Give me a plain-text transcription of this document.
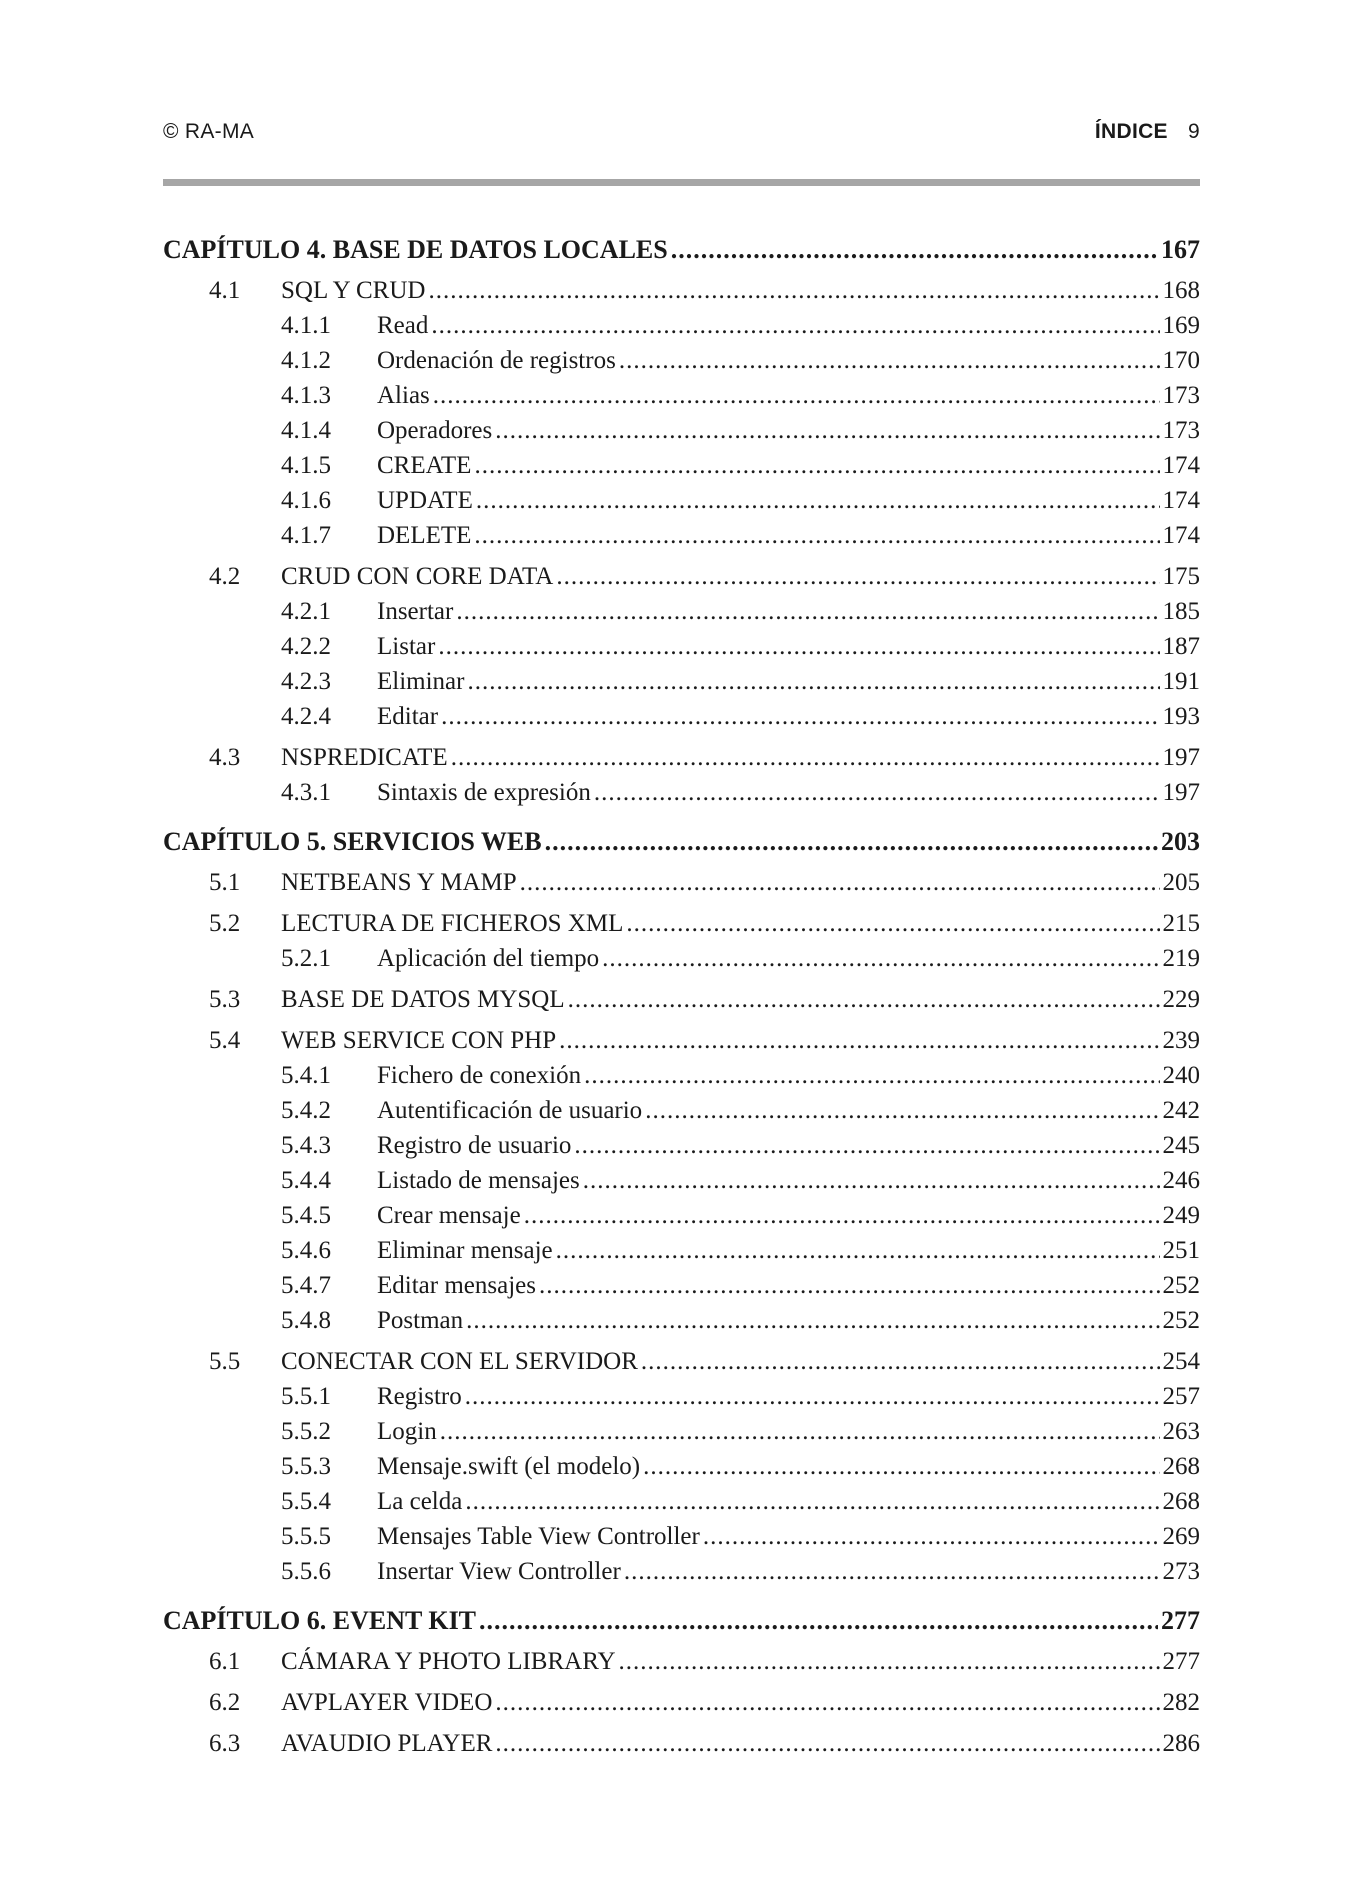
© RA-MA	ÍNDICE 9
CAPÍTULO 4. BASE DE DATOS LOCALES .....	167
4.1	SQL Y CRUD .....	168
4.1.1	Read .....	169
4.1.2	Ordenación de registros .....	170
4.1.3	Alias .....	173
4.1.4	Operadores .....	173
4.1.5	CREATE .....	174
4.1.6	UPDATE .....	174
4.1.7	DELETE .....	174
4.2	CRUD CON CORE DATA .....	175
4.2.1	Insertar .....	185
4.2.2	Listar .....	187
4.2.3	Eliminar .....	191
4.2.4	Editar .....	193
4.3	NSPREDICATE .....	197
4.3.1	Sintaxis de expresión .....	197
CAPÍTULO 5. SERVICIOS WEB .....	203
5.1	NETBEANS Y MAMP .....	205
5.2	LECTURA DE FICHEROS XML .....	215
5.2.1	Aplicación del tiempo .....	219
5.3	BASE DE DATOS MYSQL .....	229
5.4	WEB SERVICE CON PHP .....	239
5.4.1	Fichero de conexión .....	240
5.4.2	Autentificación de usuario .....	242
5.4.3	Registro de usuario .....	245
5.4.4	Listado de mensajes .....	246
5.4.5	Crear mensaje .....	249
5.4.6	Eliminar mensaje .....	251
5.4.7	Editar mensajes .....	252
5.4.8	Postman .....	252
5.5	CONECTAR CON EL SERVIDOR .....	254
5.5.1	Registro .....	257
5.5.2	Login .....	263
5.5.3	Mensaje.swift (el modelo) .....	268
5.5.4	La celda .....	268
5.5.5	Mensajes Table View Controller .....	269
5.5.6	Insertar View Controller .....	273
CAPÍTULO 6. EVENT KIT .....	277
6.1	CÁMARA Y PHOTO LIBRARY .....	277
6.2	AVPLAYER VIDEO .....	282
6.3	AVAUDIO PLAYER .....	286
